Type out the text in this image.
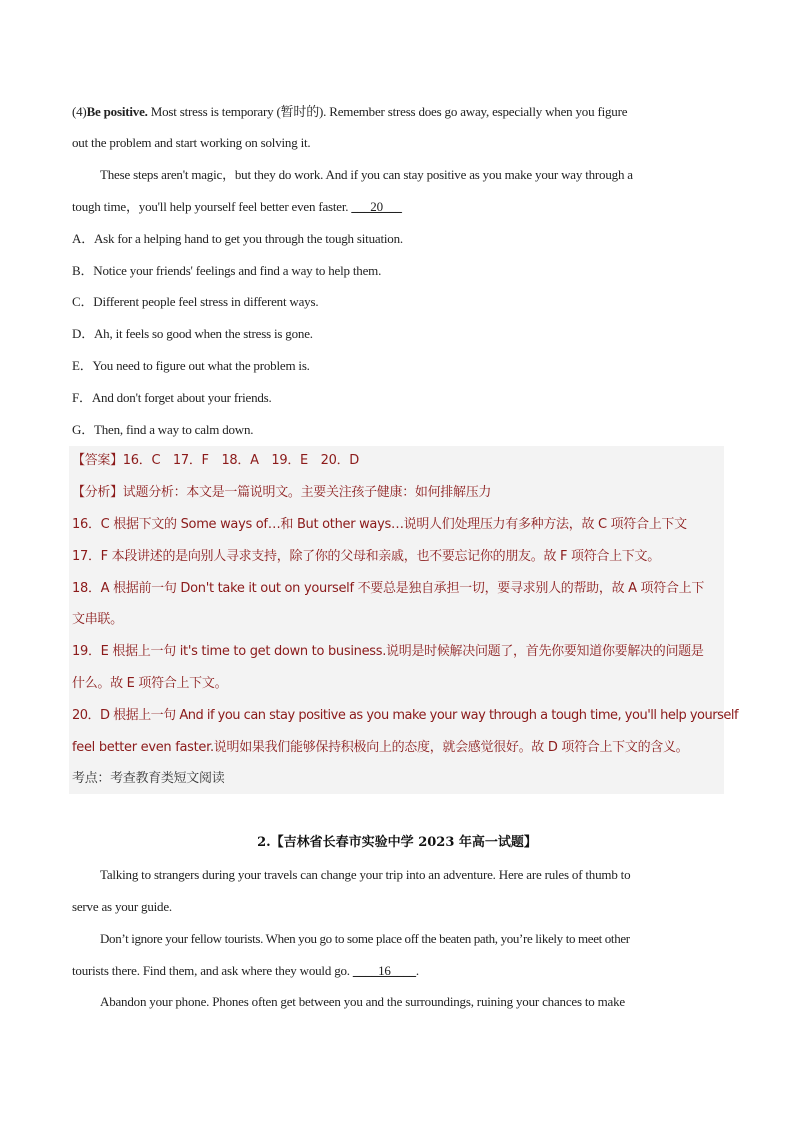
(4)Be positive. Most stress is temporary (暂时的). Remember stress does go away, especially when you figure
out the problem and start working on solving it.
These steps aren't magic，but they do work. And if you can stay positive as you make your way through a
tough time，you'll help yourself feel better even faster. ___20___
A．Ask for a helping hand to get you through the tough situation.
B．Notice your friends' feelings and find a way to help them.
C．Different people feel stress in different ways.
D．Ah, it feels so good when the stress is gone.
E．You need to figure out what the problem is.
F．And don't forget about your friends.
G．Then, find a way to calm down.
【答案】16．C　17．F　18．A　19．E　20．D
【分析】试题分析：本文是一篇说明文。主要关注孩子健康：如何排解压力
16．C 根据下文的 Some ways of…和 But other ways…说明人们处理压力有多种方法，故 C 项符合上下文
17．F 本段讲述的是向别人寻求支持，除了你的父母和亲戚，也不要忘记你的朋友。故 F 项符合上下文。
18．A 根据前一句 Don't take it out on yourself 不要总是独自承担一切，要寻求别人的帮助，故 A 项符合上下
文串联。
19．E 根据上一句 it's time to get down to business.说明是时候解决问题了，首先你要知道你要解决的问题是
什么。故 E 项符合上下文。
20．D 根据上一句 And if you can stay positive as you make your way through a tough time, you'll help yourself
feel better even faster.说明如果我们能够保持积极向上的态度，就会感觉很好。故 D 项符合上下文的含义。
考点：考查教育类短文阅读
2.【吉林省长春市实验中学 2023 年高一试题】
Talking to strangers during your travels can change your trip into an adventure. Here are rules of thumb to
serve as your guide.
Don’t ignore your fellow tourists. When you go to some place off the beaten path, you’re likely to meet other
tourists there. Find them, and ask where they would go. ____16____.
Abandon your phone. Phones often get between you and the surroundings, ruining your chances to make
